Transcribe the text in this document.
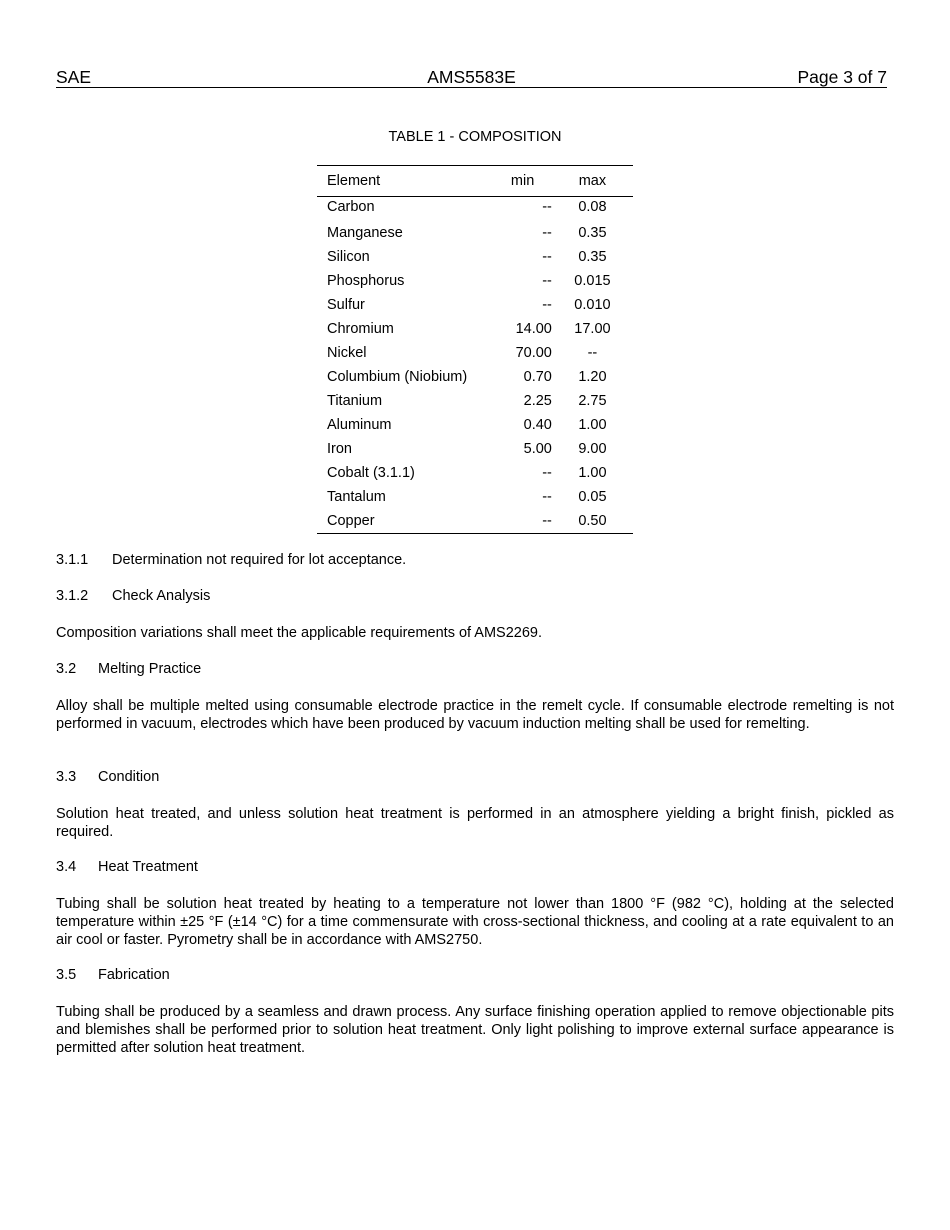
SAE	AMS5583E	Page 3 of 7
TABLE 1 - COMPOSITION
Element	min	max
Carbon	--	0.08
Manganese	--	0.35
Silicon	--	0.35
Phosphorus	--	0.015
Sulfur	--	0.010
Chromium	14.00	17.00
Nickel	70.00	--
Columbium (Niobium)	0.70	1.20
Titanium	2.25	2.75
Aluminum	0.40	1.00
Iron	5.00	9.00
Cobalt (3.1.1)	--	1.00
Tantalum	--	0.05
Copper	--	0.50

3.1.1 Determination not required for lot acceptance.

3.1.2 Check Analysis

Composition variations shall meet the applicable requirements of AMS2269.

3.2 Melting Practice

Alloy shall be multiple melted using consumable electrode practice in the remelt cycle. If consumable electrode remelting is not performed in vacuum, electrodes which have been produced by vacuum induction melting shall be used for remelting.

3.3 Condition

Solution heat treated, and unless solution heat treatment is performed in an atmosphere yielding a bright finish, pickled as required.

3.4 Heat Treatment

Tubing shall be solution heat treated by heating to a temperature not lower than 1800 °F (982 °C), holding at the selected temperature within ±25 °F (±14 °C) for a time commensurate with cross-sectional thickness, and cooling at a rate equivalent to an air cool or faster. Pyrometry shall be in accordance with AMS2750.

3.5 Fabrication

Tubing shall be produced by a seamless and drawn process. Any surface finishing operation applied to remove objectionable pits and blemishes shall be performed prior to solution heat treatment. Only light polishing to improve external surface appearance is permitted after solution heat treatment.
